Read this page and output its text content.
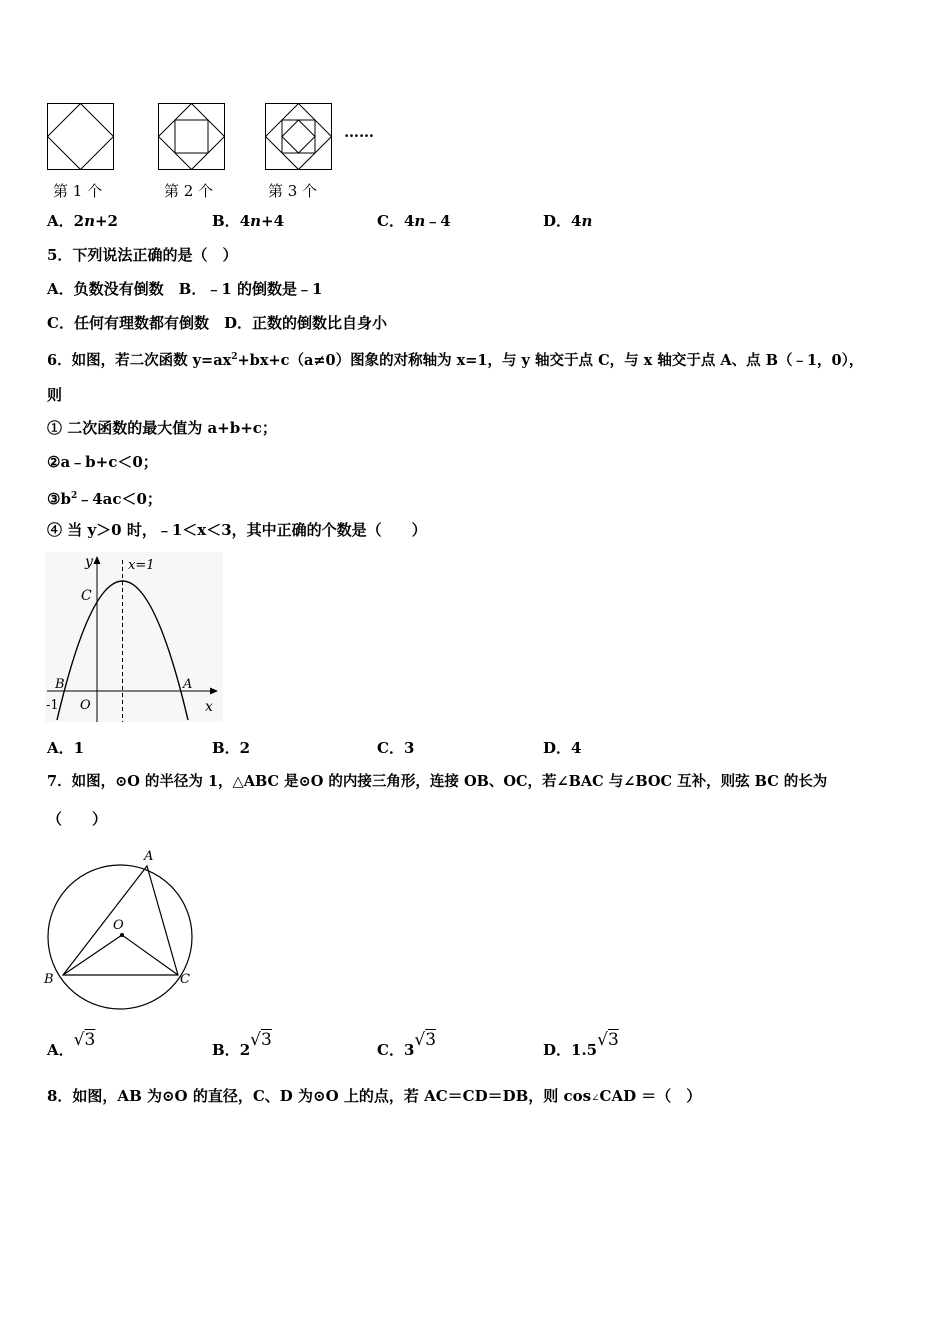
……
第 1 个	第 2 个	第 3 个
A．2n+2	B．4n+4	C．4n﹣4	D．4n
5．下列说法正确的是（　）
A．负数没有倒数　B．﹣1 的倒数是﹣1
C．任何有理数都有倒数　D．正数的倒数比自身小
6．如图，若二次函数 $y=ax^2+bx+c(a\ne 0)$图象的对称轴为 x=1，与 y 轴交于点 C，与 x 轴交于点 A、点 B（﹣1，0），
则
① 二次函数的最大值为 a+b+c；
②a﹣b+c＜0；
$③b^2﹣4ac<0$；
④ 当 y＞0 时，﹣1＜x＜3，其中正确的个数是（　　）
y	x=1
C
B	A
O
-1	x
A．1	B．2	C．3	D．4
7．如图，⊙O 的半径为 1，△ABC 是⊙O 的内接三角形，连接 OB、OC，若∠BAC 与∠BOC 互补，则弦 BC 的长为
（　　）
A
O
B	C
A．√3	B．2√3	C．3√3	D．1.5√3
8．如图，AB 为⊙O 的直径，C、D 为⊙O 上的点，若 AC＝CD＝DB，则 cos∠CAD ＝（　）
